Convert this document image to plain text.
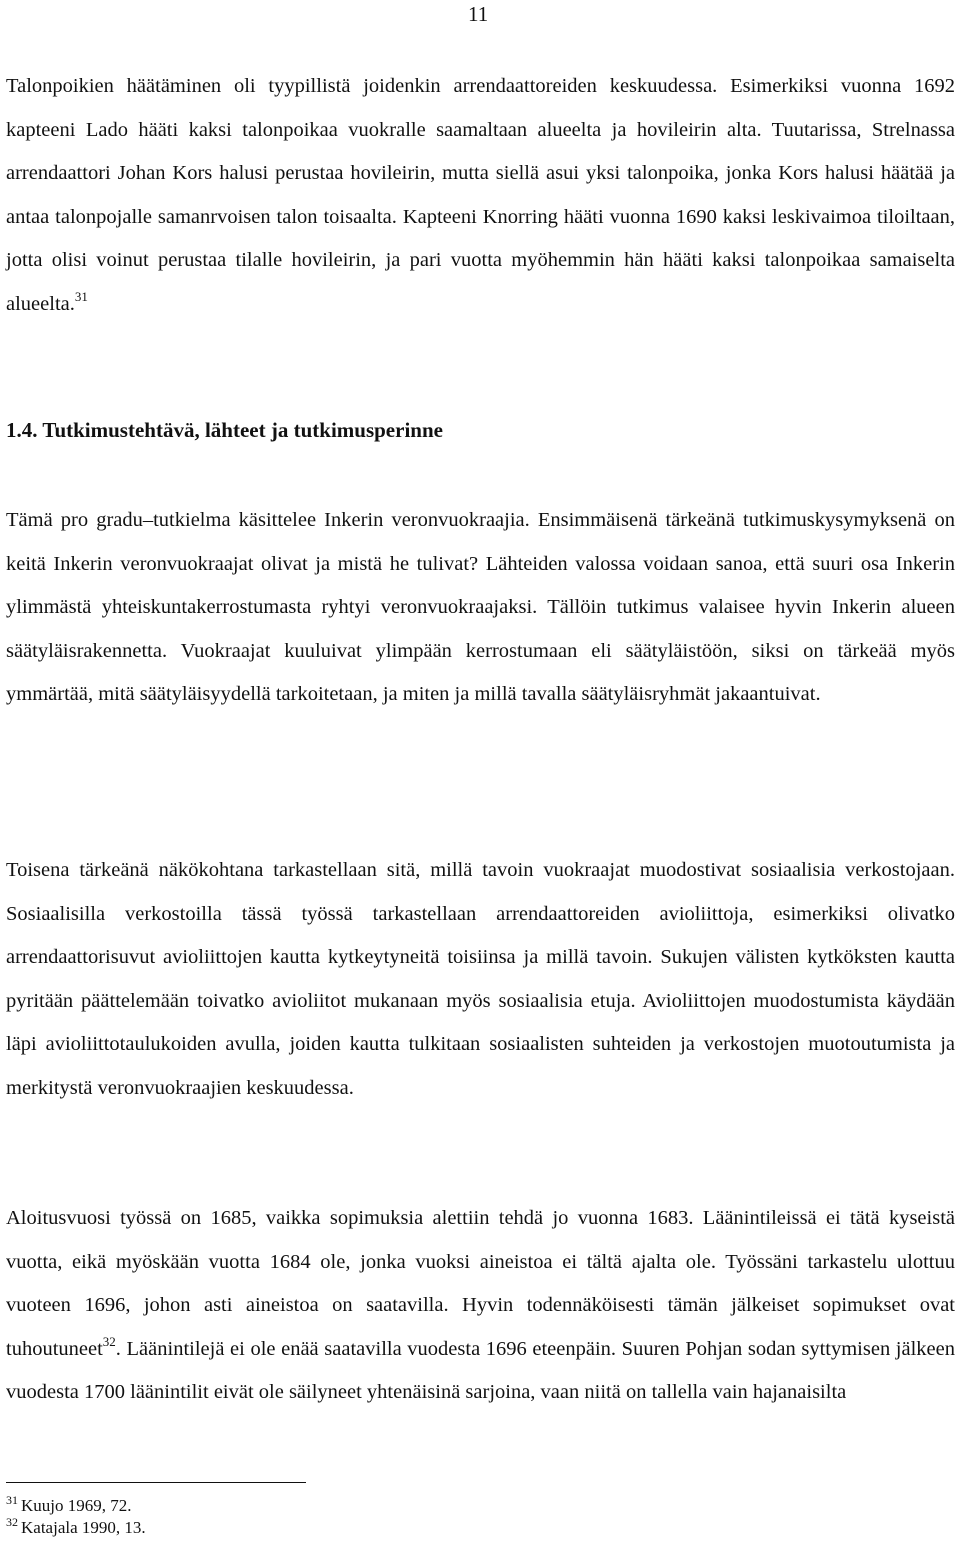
11

Talonpoikien häätäminen oli tyypillistä joidenkin arrendaattoreiden keskuudessa. Esimerkiksi vuonna 1692 kapteeni Lado hääti kaksi talonpoikaa vuokralle saamaltaan alueelta ja hovileirin alta. Tuutarissa, Strelnassa arrendaattori Johan Kors halusi perustaa hovileirin, mutta siellä asui yksi talonpoika, jonka Kors halusi häätää ja antaa talonpojalle samanrvoisen talon toisaalta. Kapteeni Knorring hääti vuonna 1690 kaksi leskivaimoa tiloiltaan, jotta olisi voinut perustaa tilalle hovileirin, ja pari vuotta myöhemmin hän hääti kaksi talonpoikaa samaiselta alueelta.$^{31}$

1.4. Tutkimustehtävä, lähteet ja tutkimusperinne

Tämä pro gradu–tutkielma käsittelee Inkerin veronvuokraajia. Ensimmäisenä tärkeänä tutkimuskysymyksenä on keitä Inkerin veronvuokraajat olivat ja mistä he tulivat? Lähteiden valossa voidaan sanoa, että suuri osa Inkerin ylimmästä yhteiskuntakerrostumasta ryhtyi veronvuokraajaksi. Tällöin tutkimus valaisee hyvin Inkerin alueen säätyläisrakennetta. Vuokraajat kuuluivat ylimpään kerrostumaan eli säätyläistöön, siksi on tärkeää myös ymmärtää, mitä säätyläisyydellä tarkoitetaan, ja miten ja millä tavalla säätyläisryhmät jakaantuivat.

Toisena tärkeänä näkökohtana tarkastellaan sitä, millä tavoin vuokraajat muodostivat sosiaalisia verkostojaan. Sosiaalisilla verkostoilla tässä työssä tarkastellaan arrendaattoreiden avioliittoja, esimerkiksi olivatko arrendaattorisuvut avioliittojen kautta kytkeytyneitä toisiinsa ja millä tavoin. Sukujen välisten kytköksten kautta pyritään päättelemään toivatko avioliitot mukanaan myös sosiaalisia etuja. Avioliittojen muodostumista käydään läpi avioliittotaulukoiden avulla, joiden kautta tulkitaan sosiaalisten suhteiden ja verkostojen muotoutumista ja merkitystä veronvuokraajien keskuudessa.

Aloitusvuosi työssä on 1685, vaikka sopimuksia alettiin tehdä jo vuonna 1683. Läänintileissä ei tätä kyseistä vuotta, eikä myöskään vuotta 1684 ole, jonka vuoksi aineistoa ei tältä ajalta ole. Työssäni tarkastelu ulottuu vuoteen 1696, johon asti aineistoa on saatavilla. Hyvin todennäköisesti tämän jälkeiset sopimukset ovat tuhoutuneet$^{32}$. Läänintilejä ei ole enää saatavilla vuodesta 1696 eteenpäin. Suuren Pohjan sodan syttymisen jälkeen vuodesta 1700 läänintilit eivät ole säilyneet yhtenäisinä sarjoina, vaan niitä on tallella vain hajanaisilta

$^{31}$ Kuujo 1969, 72.
$^{32}$ Katajala 1990, 13.
